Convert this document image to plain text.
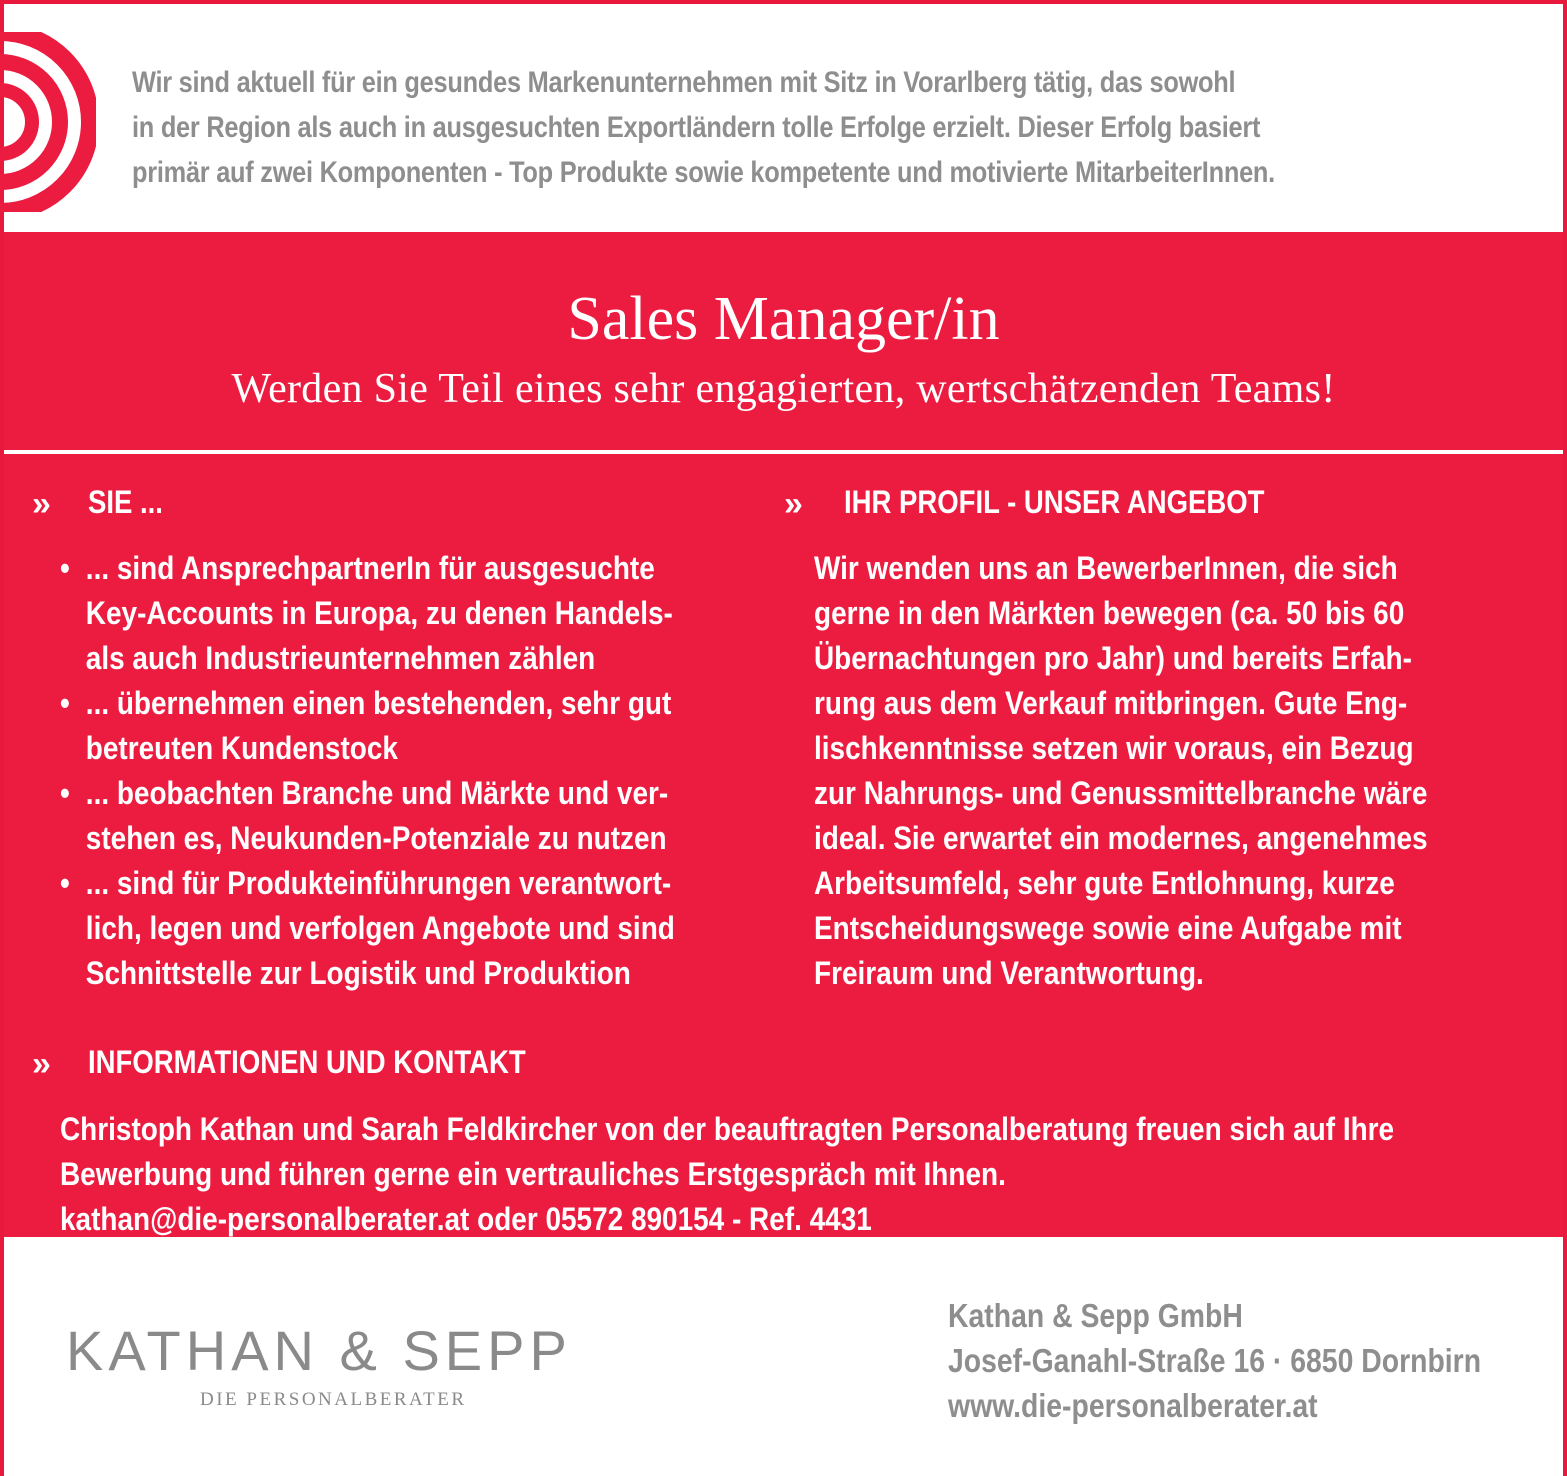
Wir sind aktuell für ein gesundes Markenunternehmen mit Sitz in Vorarlberg tätig, das sowohl
in der Region als auch in ausgesuchten Exportländern tolle Erfolge erzielt. Dieser Erfolg basiert
primär auf zwei Komponenten - Top Produkte sowie kompetente und motivierte MitarbeiterInnen.
Sales Manager/in
Werden Sie Teil eines sehr engagierten, wertschätzenden Teams!
» SIE ...
• ... sind AnsprechpartnerIn für ausgesuchte
Key-Accounts in Europa, zu denen Handels-
als auch Industrieunternehmen zählen
• ... übernehmen einen bestehenden, sehr gut
betreuten Kundenstock
• ... beobachten Branche und Märkte und ver-
stehen es, Neukunden-Potenziale zu nutzen
• ... sind für Produkteinführungen verantwort-
lich, legen und verfolgen Angebote und sind
Schnittstelle zur Logistik und Produktion
» IHR PROFIL - UNSER ANGEBOT
Wir wenden uns an BewerberInnen, die sich
gerne in den Märkten bewegen (ca. 50 bis 60
Übernachtungen pro Jahr) und bereits Erfah-
rung aus dem Verkauf mitbringen. Gute Eng-
lischkenntnisse setzen wir voraus, ein Bezug
zur Nahrungs- und Genussmittelbranche wäre
ideal. Sie erwartet ein modernes, angenehmes
Arbeitsumfeld, sehr gute Entlohnung, kurze
Entscheidungswege sowie eine Aufgabe mit
Freiraum und Verantwortung.
» INFORMATIONEN UND KONTAKT
Christoph Kathan und Sarah Feldkircher von der beauftragten Personalberatung freuen sich auf Ihre
Bewerbung und führen gerne ein vertrauliches Erstgespräch mit Ihnen.
kathan@die-personalberater.at oder 05572 890154 - Ref. 4431
KATHAN & SEPP
DIE PERSONALBERATER
Kathan & Sepp GmbH
Josef-Ganahl-Straße 16 · 6850 Dornbirn
www.die-personalberater.at
